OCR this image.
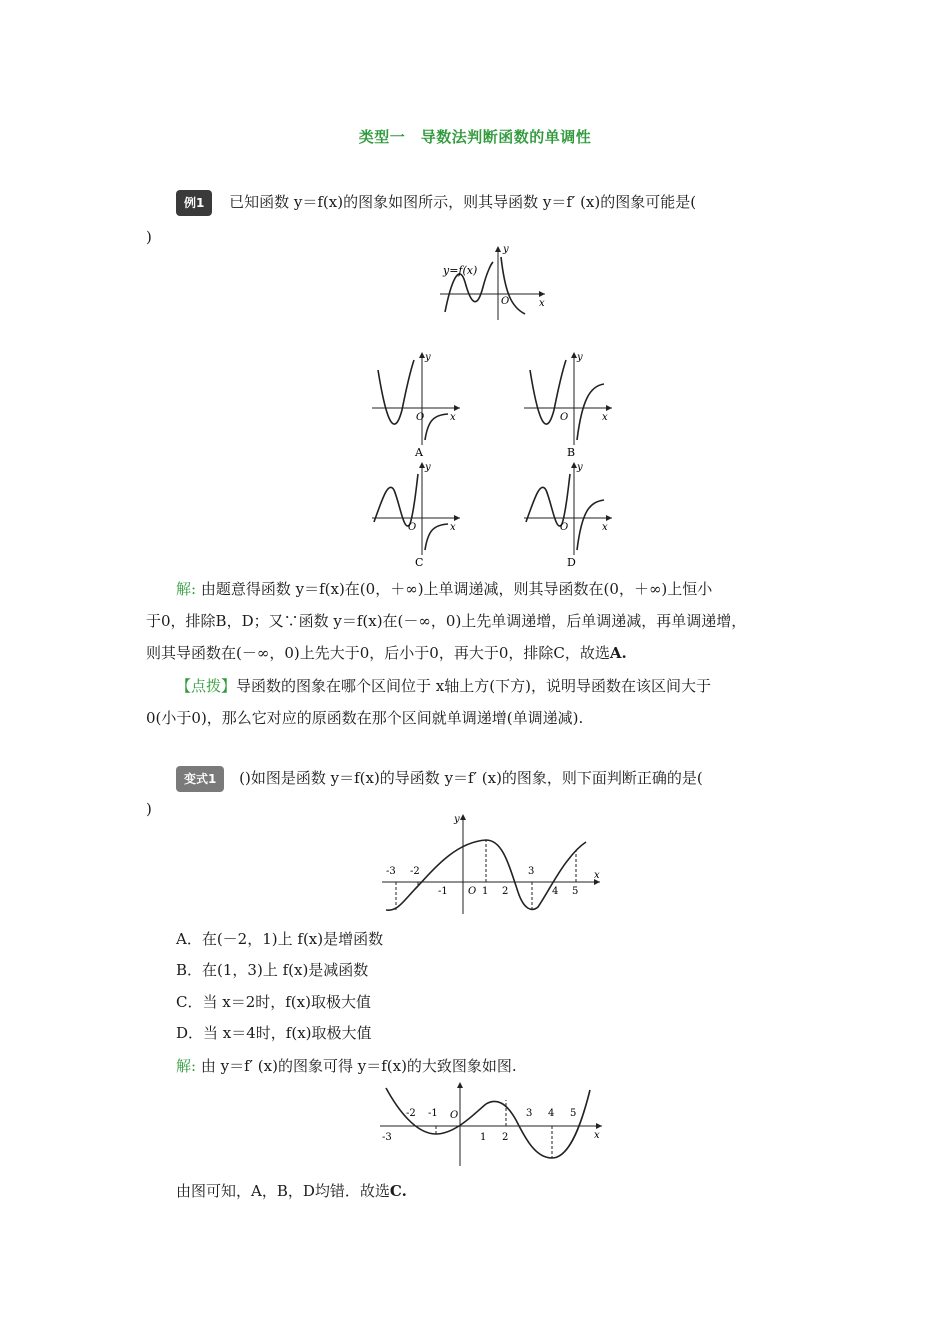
类型一　导数法判断函数的单调性
例1 已知函数 y＝f(x)的图象如图所示，则其导函数 y＝f′ (x)的图象可能是(
)
y=f(x)
O	x
y
O	x
y
A
O	x
y
B
O	x
y
C
O	x
y
D
解: 由题意得函数 y＝f(x)在(0，＋∞)上单调递减，则其导函数在(0，＋∞)上恒小
于0，排除B，D；又∵函数 y＝f(x)在(－∞，0)上先单调递增，后单调递减，再单调递增，
则其导函数在(－∞，0)上先大于0，后小于0，再大于0，排除C，故选A.
【点拨】导函数的图象在哪个区间位于 x轴上方(下方)，说明导函数在该区间大于
0(小于0)，那么它对应的原函数在那个区间就单调递增(单调递减).
变式1 ()如图是函数 y＝f(x)的导函数 y＝f′ (x)的图象，则下面判断正确的是(
)
-3 -2
-1 O 1 2
3
4 5
x
y
A．在(－2，1)上 f(x)是增函数
B．在(1，3)上 f(x)是减函数
C．当 x＝2时，f(x)取极大值
D．当 x＝4时，f(x)取极大值
解: 由 y＝f′ (x)的图象可得 y＝f(x)的大致图象如图.
-3
-2 -1 O
1 2
3 4 5
x
由图可知，A，B，D均错．故选C.
